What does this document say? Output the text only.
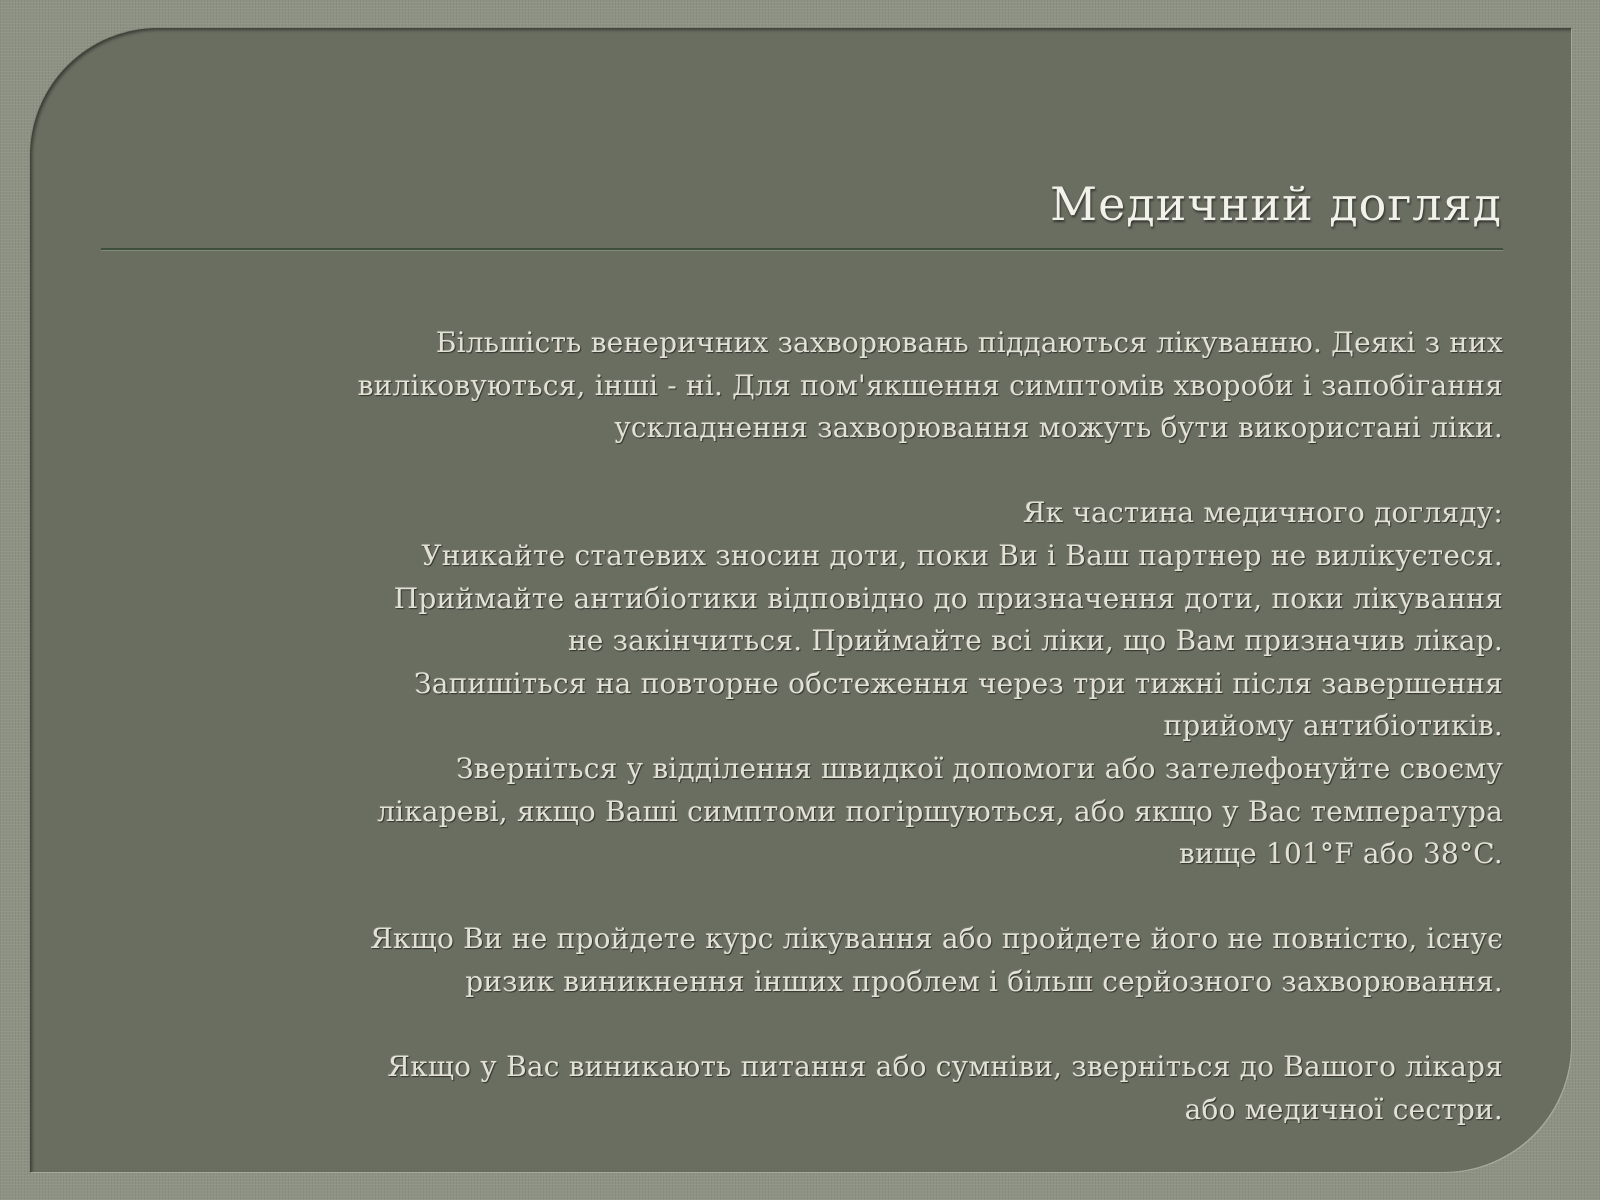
Медичний догляд

Більшість венеричних захворювань піддаються лікуванню. Деякі з них

виліковуються, інші - ні. Для пом'якшення симптомів хвороби і запобігання

ускладнення захворювання можуть бути використані ліки.

Як частина медичного догляду:

Уникайте статевих зносин доти, поки Ви і Ваш партнер не вилікуєтеся.

Приймайте антибіотики відповідно до призначення доти, поки лікування

не закінчиться. Приймайте всі ліки, що Вам призначив лікар.

Запишіться на повторне обстеження через три тижні після завершення

прийому антибіотиків.

Зверніться у відділення швидкої допомоги або зателефонуйте своєму

лікареві, якщо Ваші симптоми погіршуються, або якщо у Вас температура

вище 101°F або 38°C.

Якщо Ви не пройдете курс лікування або пройдете його не повністю, існує

ризик виникнення інших проблем і більш серйозного захворювання.

Якщо у Вас виникають питання або сумніви, зверніться до Вашого лікаря

або медичної сестри.
